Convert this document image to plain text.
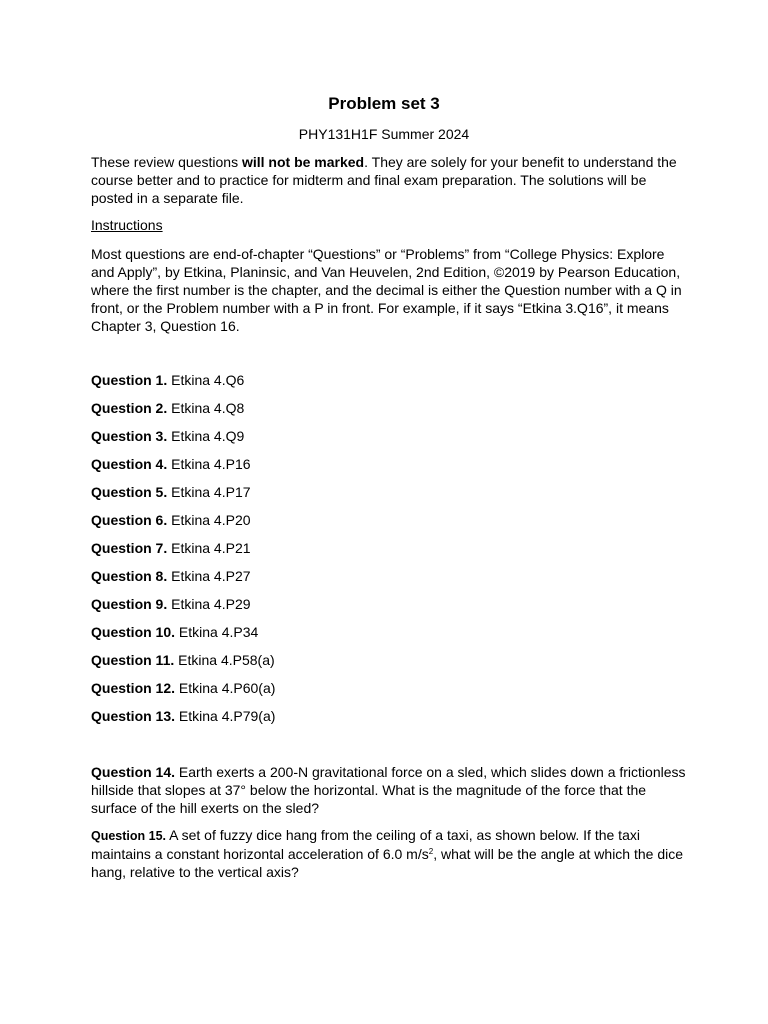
Problem set 3
PHY131H1F Summer 2024
These review questions will not be marked. They are solely for your benefit to understand the course better and to practice for midterm and final exam preparation. The solutions will be posted in a separate file.
Instructions
Most questions are end-of-chapter “Questions” or “Problems” from “College Physics: Explore and Apply”, by Etkina, Planinsic, and Van Heuvelen, 2nd Edition, ©2019 by Pearson Education, where the first number is the chapter, and the decimal is either the Question number with a Q in front, or the Problem number with a P in front. For example, if it says “Etkina 3.Q16”, it means Chapter 3, Question 16.
Question 1. Etkina 4.Q6
Question 2. Etkina 4.Q8
Question 3. Etkina 4.Q9
Question 4. Etkina 4.P16
Question 5. Etkina 4.P17
Question 6. Etkina 4.P20
Question 7. Etkina 4.P21
Question 8. Etkina 4.P27
Question 9. Etkina 4.P29
Question 10. Etkina 4.P34
Question 11. Etkina 4.P58(a)
Question 12. Etkina 4.P60(a)
Question 13. Etkina 4.P79(a)
Question 14. Earth exerts a 200-N gravitational force on a sled, which slides down a frictionless hillside that slopes at 37° below the horizontal. What is the magnitude of the force that the surface of the hill exerts on the sled?
Question 15. A set of fuzzy dice hang from the ceiling of a taxi, as shown below. If the taxi maintains a constant horizontal acceleration of 6.0 $m/s^2$, what will be the angle at which the dice hang, relative to the vertical axis?
